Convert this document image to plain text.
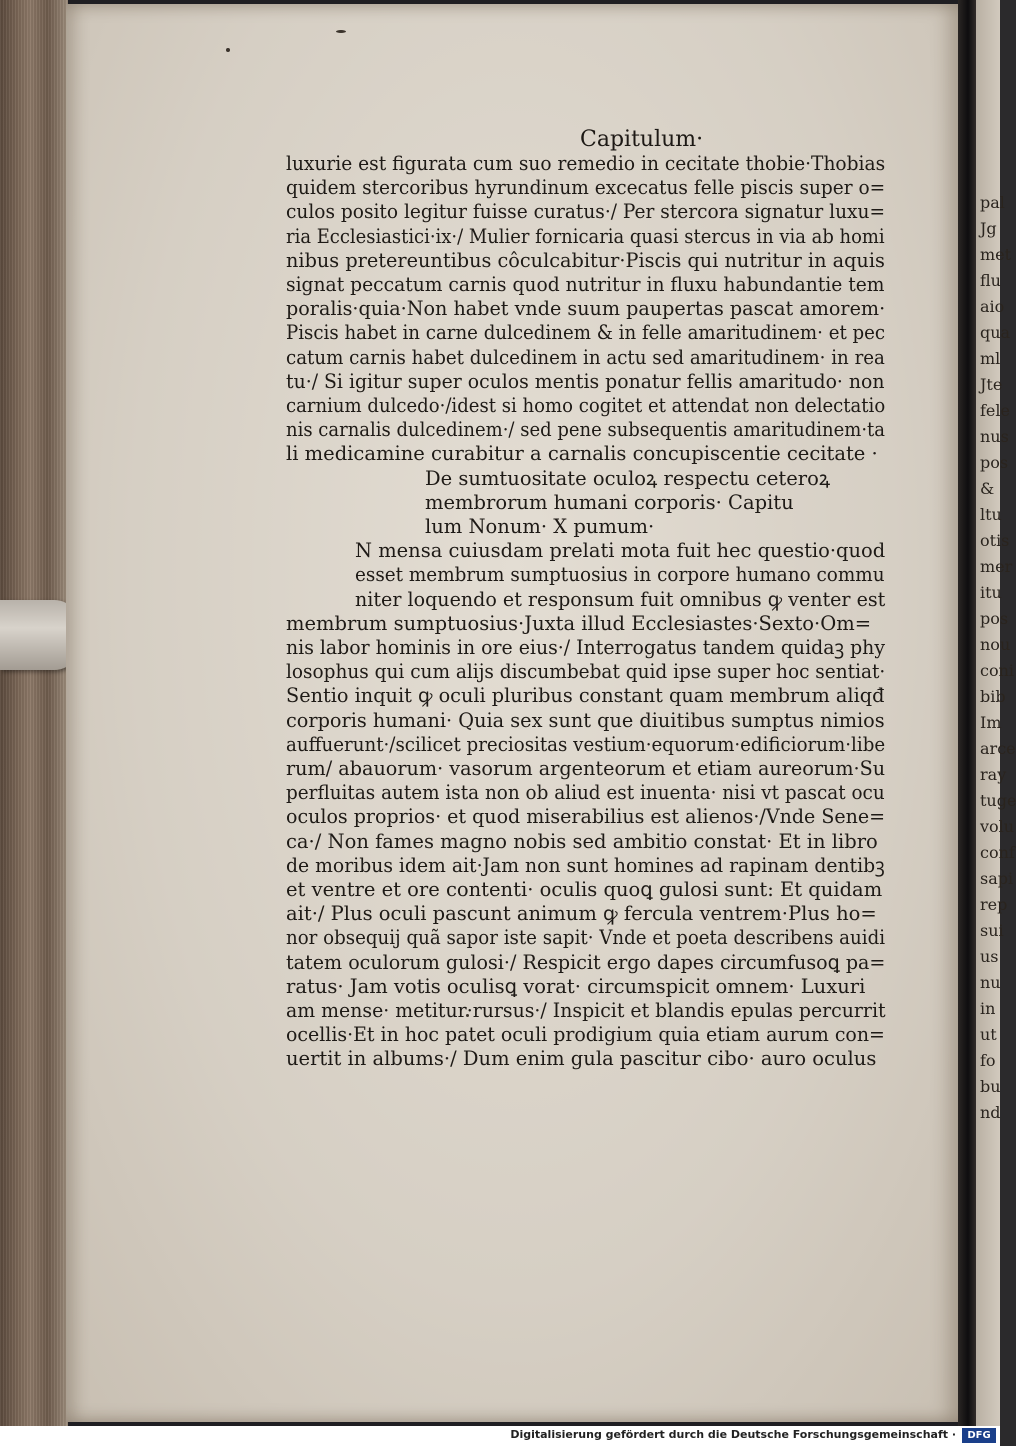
pal
Jg
met
flu
aio
qua
ml
Jte
fele
nus
pos
&
ltu
otis
mer
itu
pos
nou
coni
bib
Im
arce
ray
tuge
volu
conf
sapi
rep
sui
us
nu
in
ut
fo
bu
nd
Capitulum·
luxurie est figurata cum suo remedio in cecitate thobie·Thobias
quidem stercoribus hyrundinum excecatus felle piscis super o=
culos posito legitur fuisse curatus·/ Per stercora signatur luxu=
ria Ecclesiastici·ix·/ Mulier fornicaria quasi stercus in via ab homi
nibus pretereuntibus côculcabitur·Piscis qui nutritur in aquis
signat peccatum carnis quod nutritur in fluxu habundantie tem
poralis·quia·Non habet vnde suum paupertas pascat amorem·
Piscis habet in carne dulcedinem & in felle amaritudinem· et pec
catum carnis habet dulcedinem in actu sed amaritudinem· in rea
tu·/ Si igitur super oculos mentis ponatur fellis amaritudo· non
carnium dulcedo·/idest si homo cogitet et attendat non delectatio
nis carnalis dulcedinem·/ sed pene subsequentis amaritudinem·ta
li medicamine curabitur a carnalis concupiscentie cecitate ·
De sumtuositate oculoꝝ respectu ceteroꝝ
membrorum humani corporis· Capitu
lum Nonum· X pumum·
N mensa cuiusdam prelati mota fuit hec questio·quod
esset membrum sumptuosius in corpore humano commu
niter loquendo et responsum fuit omnibus ꝙ venter est
membrum sumptuosius·Juxta illud Ecclesiastes·Sexto·Om=
nis labor hominis in ore eius·/ Interrogatus tandem quidaꝫ phy
losophus qui cum alijs discumbebat quid ipse super hoc sentiat·
Sentio inquit ꝙ oculi pluribus constant quam membrum aliqđ
corporis humani· Quia sex sunt que diuitibus sumptus nimios
auffuerunt·/scilicet preciositas vestium·equorum·edificiorum·libe
rum/ abauorum· vasorum argenteorum et etiam aureorum·Su
perfluitas autem ista non ob aliud est inuenta· nisi vt pascat ocu
oculos proprios· et quod miserabilius est alienos·/Vnde Sene=
ca·/ Non fames magno nobis sed ambitio constat· Et in libro
de moribus idem ait·Jam non sunt homines ad rapinam dentibꝫ
et ventre et ore contenti· oculis quoꝗ gulosi sunt: Et quidam
ait·/ Plus oculi pascunt animum ꝙ fercula ventrem·Plus ho=
nor obsequij quã sapor iste sapit· Vnde et poeta describens auidi
tatem oculorum gulosi·/ Respicit ergo dapes circumfusoꝗ pa=
ratus· Jam votis oculisꝗ vorat· circumspicit omnem· Luxuri
am mense· metitur·rursus·/ Inspicit et blandis epulas percurrit
ocellis·Et in hoc patet oculi prodigium quia etiam aurum con=
uertit in albums·/ Dum enim gula pascitur cibo· auro oculus
Digitalisierung gefördert durch die Deutsche Forschungsgemeinschaft ·	DFG
